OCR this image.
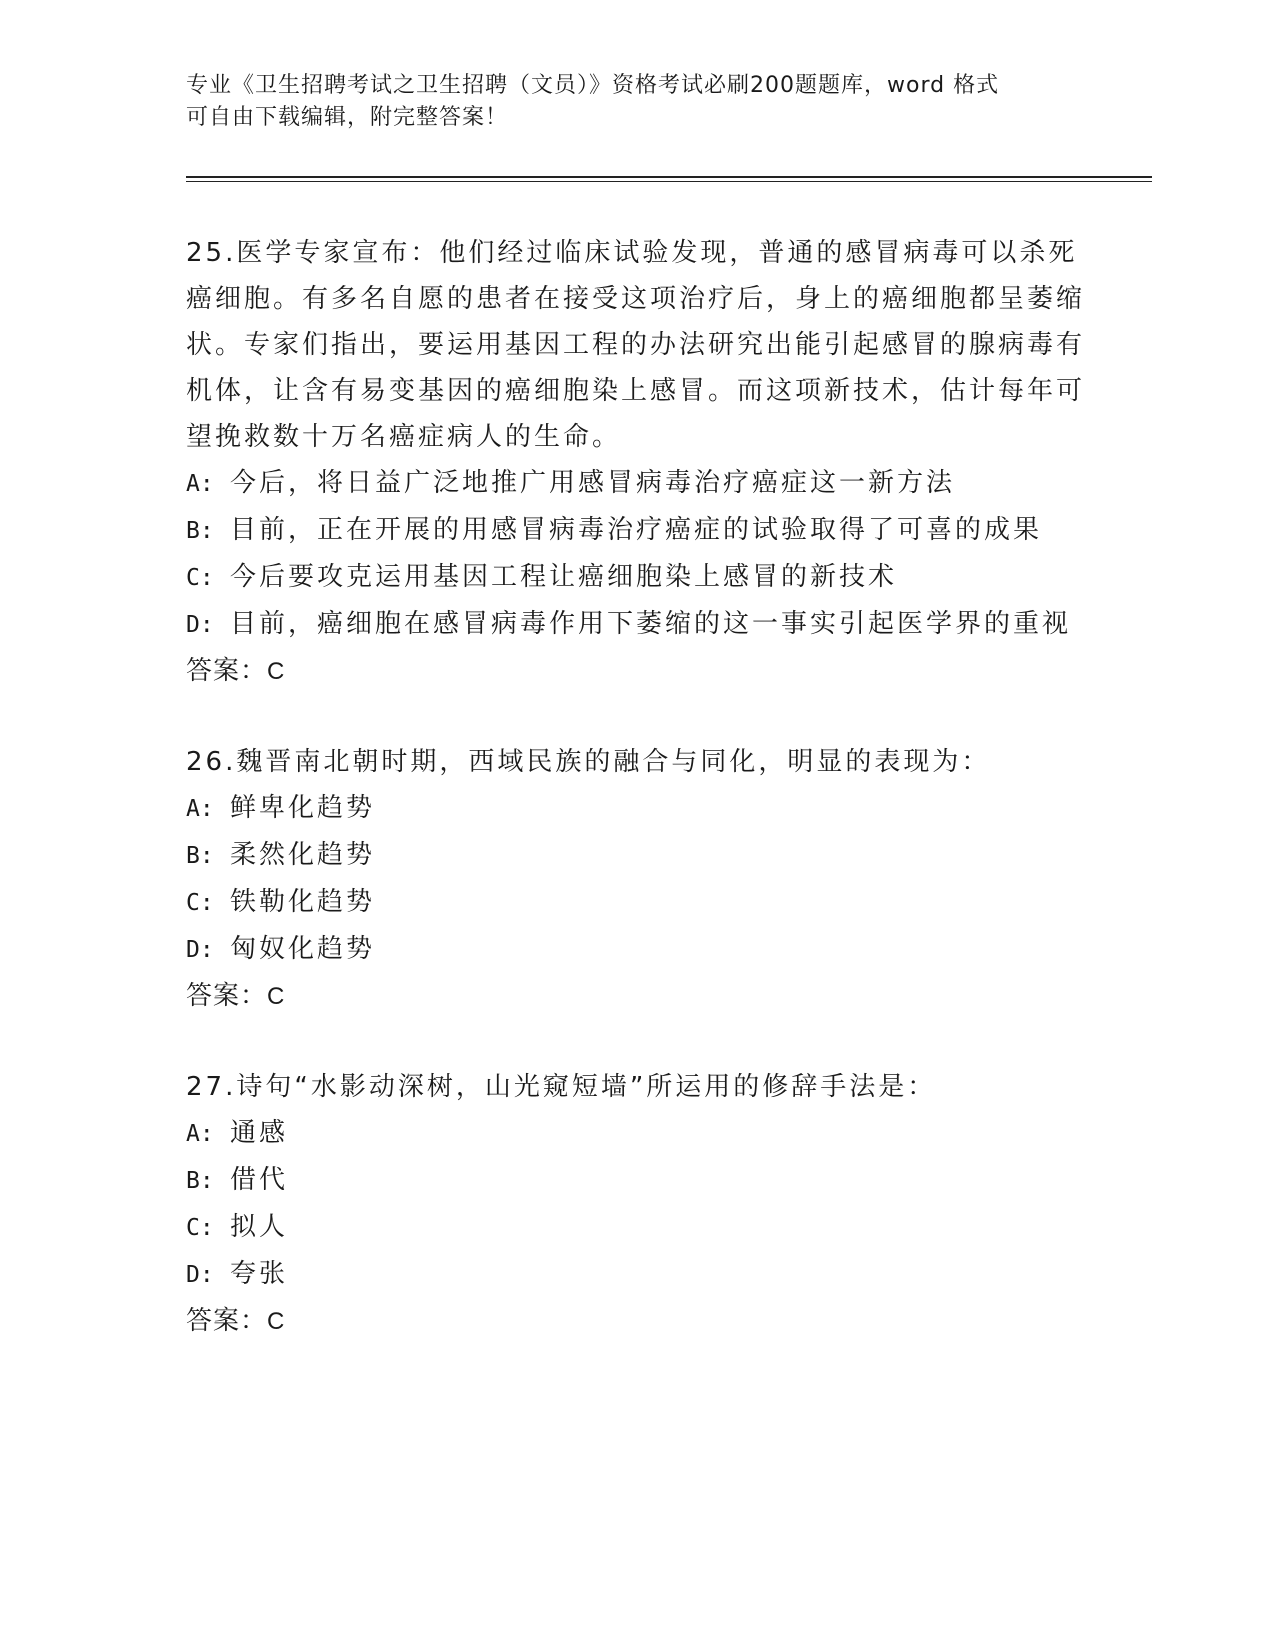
专业《卫生招聘考试之卫生招聘（文员）》资格考试必刷200题题库，word 格式
可自由下载编辑，附完整答案！

25.医学专家宣布：他们经过临床试验发现，普通的感冒病毒可以杀死癌细胞。有多名自愿的患者在接受这项治疗后，身上的癌细胞都呈萎缩状。专家们指出，要运用基因工程的办法研究出能引起感冒的腺病毒有机体，让含有易变基因的癌细胞染上感冒。而这项新技术，估计每年可望挽救数十万名癌症病人的生命。

A: 今后，将日益广泛地推广用感冒病毒治疗癌症这一新方法
B: 目前，正在开展的用感冒病毒治疗癌症的试验取得了可喜的成果
C: 今后要攻克运用基因工程让癌细胞染上感冒的新技术
D: 目前，癌细胞在感冒病毒作用下萎缩的这一事实引起医学界的重视
答案：C

26.魏晋南北朝时期，西域民族的融合与同化，明显的表现为：

A: 鲜卑化趋势
B: 柔然化趋势
C: 铁勒化趋势
D: 匈奴化趋势
答案：C

27.诗句“水影动深树，山光窥短墙”所运用的修辞手法是：

A: 通感
B: 借代
C: 拟人
D: 夸张
答案：C
